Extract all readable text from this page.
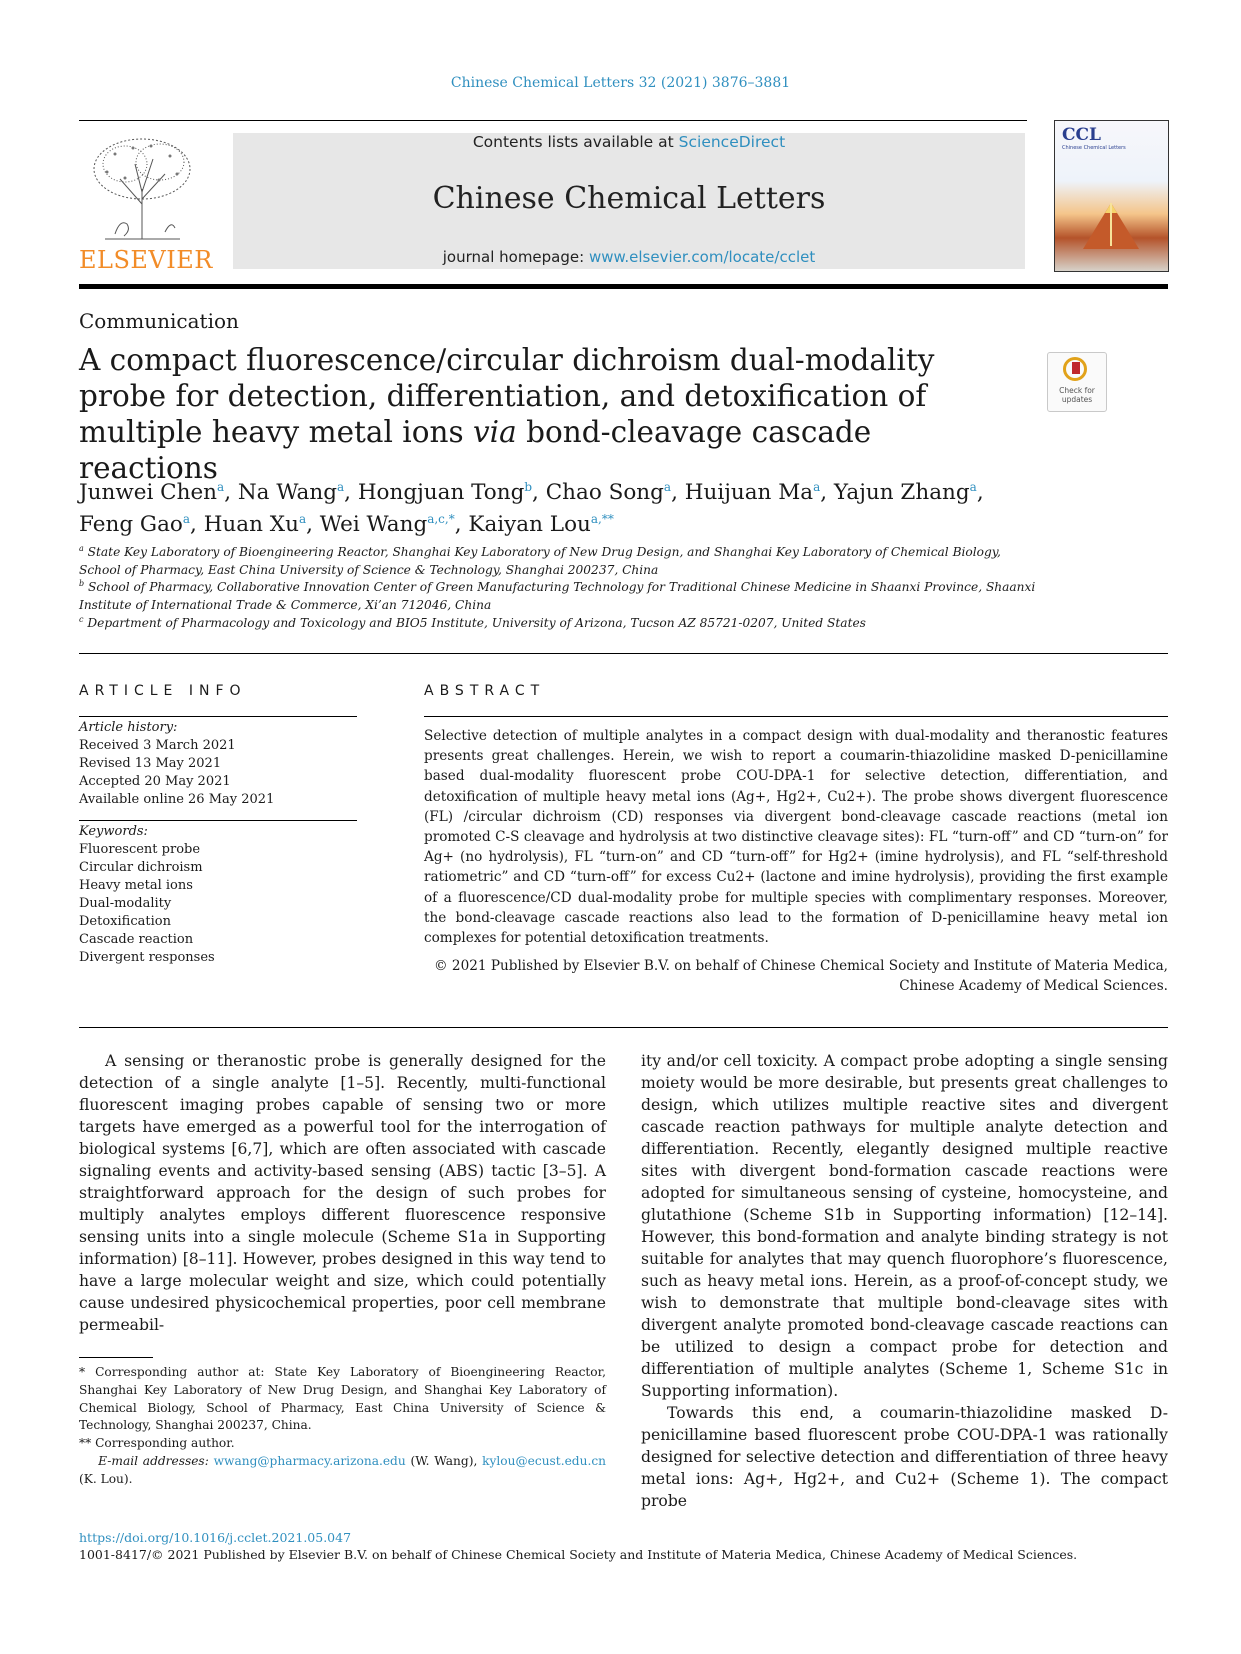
Chinese Chemical Letters 32 (2021) 3876–3881
ELSEVIER
Contents lists available at ScienceDirect
Chinese Chemical Letters
journal homepage: www.elsevier.com/locate/cclet
CCL
Chinese Chemical Letters
Communication
A compact fluorescence/circular dichroism dual-modality probe for detection, differentiation, and detoxification of multiple heavy metal ions via bond-cleavage cascade reactions
Check for updates
Junwei Chen$^a$, Na Wang$^a$, Hongjuan Tong$^b$, Chao Song$^a$, Huijuan Ma$^a$, Yajun Zhang$^a$,
Feng Gao$^a$, Huan Xu$^a$, Wei Wang$^{a,c,*}$, Kaiyan Lou$^{a,**}$
$^a$ State Key Laboratory of Bioengineering Reactor, Shanghai Key Laboratory of New Drug Design, and Shanghai Key Laboratory of Chemical Biology, School of Pharmacy, East China University of Science & Technology, Shanghai 200237, China
$^b$ School of Pharmacy, Collaborative Innovation Center of Green Manufacturing Technology for Traditional Chinese Medicine in Shaanxi Province, Shaanxi Institute of International Trade & Commerce, Xi’an 712046, China
$^c$ Department of Pharmacology and Toxicology and BIO5 Institute, University of Arizona, Tucson AZ 85721-0207, United States
ARTICLE INFO
Article history:
Received 3 March 2021
Revised 13 May 2021
Accepted 20 May 2021
Available online 26 May 2021
Keywords:
Fluorescent probe
Circular dichroism
Heavy metal ions
Dual-modality
Detoxification
Cascade reaction
Divergent responses
ABSTRACT
Selective detection of multiple analytes in a compact design with dual-modality and theranostic features presents great challenges. Herein, we wish to report a coumarin-thiazolidine masked D-penicillamine based dual-modality fluorescent probe COU-DPA-1 for selective detection, differentiation, and detoxification of multiple heavy metal ions (Ag+, Hg2+, Cu2+). The probe shows divergent fluorescence (FL) /circular dichroism (CD) responses via divergent bond-cleavage cascade reactions (metal ion promoted C-S cleavage and hydrolysis at two distinctive cleavage sites): FL “turn-off” and CD “turn-on” for Ag+ (no hydrolysis), FL “turn-on” and CD “turn-off” for Hg2+ (imine hydrolysis), and FL “self-threshold ratiometric” and CD “turn-off” for excess Cu2+ (lactone and imine hydrolysis), providing the first example of a fluorescence/CD dual-modality probe for multiple species with complimentary responses. Moreover, the bond-cleavage cascade reactions also lead to the formation of D-penicillamine heavy metal ion complexes for potential detoxification treatments.
© 2021 Published by Elsevier B.V. on behalf of Chinese Chemical Society and Institute of Materia Medica, Chinese Academy of Medical Sciences.

A sensing or theranostic probe is generally designed for the detection of a single analyte [1–5]. Recently, multi-functional fluorescent imaging probes capable of sensing two or more targets have emerged as a powerful tool for the interrogation of biological systems [6,7], which are often associated with cascade signaling events and activity-based sensing (ABS) tactic [3–5]. A straightforward approach for the design of such probes for multiply analytes employs different fluorescence responsive sensing units into a single molecule (Scheme S1a in Supporting information) [8–11]. However, probes designed in this way tend to have a large molecular weight and size, which could potentially cause undesired physicochemical properties, poor cell membrane permeabil-

ity and/or cell toxicity. A compact probe adopting a single sensing moiety would be more desirable, but presents great challenges to design, which utilizes multiple reactive sites and divergent cascade reaction pathways for multiple analyte detection and differentiation. Recently, elegantly designed multiple reactive sites with divergent bond-formation cascade reactions were adopted for simultaneous sensing of cysteine, homocysteine, and glutathione (Scheme S1b in Supporting information) [12–14]. However, this bond-formation and analyte binding strategy is not suitable for analytes that may quench fluorophore’s fluorescence, such as heavy metal ions. Herein, as a proof-of-concept study, we wish to demonstrate that multiple bond-cleavage sites with divergent analyte promoted bond-cleavage cascade reactions can be utilized to design a compact probe for detection and differentiation of multiple analytes (Scheme 1, Scheme S1c in Supporting information).

Towards this end, a coumarin-thiazolidine masked D-penicillamine based fluorescent probe COU-DPA-1 was rationally designed for selective detection and differentiation of three heavy metal ions: Ag+, Hg2+, and Cu2+ (Scheme 1). The compact probe

* Corresponding author at: State Key Laboratory of Bioengineering Reactor, Shanghai Key Laboratory of New Drug Design, and Shanghai Key Laboratory of Chemical Biology, School of Pharmacy, East China University of Science & Technology, Shanghai 200237, China.

** Corresponding author.

E-mail addresses: wwang@pharmacy.arizona.edu (W. Wang), kylou@ecust.edu.cn (K. Lou).

https://doi.org/10.1016/j.cclet.2021.05.047
1001-8417/© 2021 Published by Elsevier B.V. on behalf of Chinese Chemical Society and Institute of Materia Medica, Chinese Academy of Medical Sciences.
